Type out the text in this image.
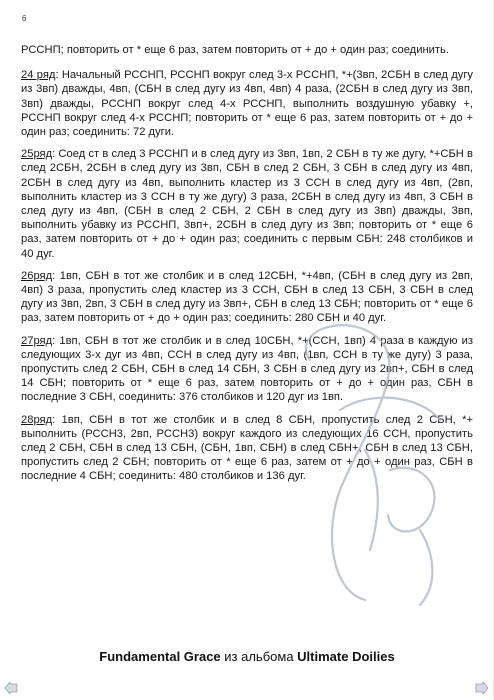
6

РССНП; повторить от * еще 6 раз, затем повторить от + до + один раз; соединить.

24 ряд: Начальный РССНП, РССНП вокруг след 3-х РССНП, *+(3вп, 2СБН в след дугу из 3вп) дважды, 4вп, (СБН в след дугу из 4вп, 4вп) 4 раза, (2СБН в след дугу из 3вп, 3вп) дважды, РССНП вокруг след 4-х РССНП, выполнить воздушную убавку +, РССНП вокруг след 4-х РССНП; повторить от * еще 6 раз, затем повторить от + до + один раз; соединить: 72 дуги.

25ряд: Соед ст в след 3 РССНП и в след дугу из 3вп, 1вп, 2 СБН в ту же дугу, *+СБН в след 2СБН, 2СБН в след дугу из 3вп, СБН в след 2 СБН, 3 СБН в след дугу из 4вп, 2СБН в след дугу из 4вп, выполнить кластер из 3 ССН в след дугу из 4вп, (2вп, выполнить кластер из 3 ССН в ту же дугу) 3 раза, 2СБН в след дугу из 4вп, 3 СБН в след дугу из 4вп, (СБН в след 2 СБН, 2 СБН в след дугу из 3вп) дважды, 3вп, выполнить убавку из РССНП, 3вп+, 2СБН в след дугу из 3вп; повторить от * еще 6 раз, затем повторить от + до + один раз; соединить с первым СБН: 248 столбиков и 40 дуг.

26ряд: 1вп, СБН в тот же столбик и в след 12СБН, *+4вп, (СБН в след дугу из 2вп, 4вп) 3 раза, пропустить след кластер из 3 ССН, СБН в след 13 СБН, 3 СБН в след дугу из 3вп, 2вп, 3 СБН в след дугу из 3вп+, СБН в след 13 СБН; повторить от * еще 6 раз, затем повторить от + до + один раз; соединить: 280 СБН и 40 дуг.

27ряд: 1вп, СБН в тот же столбик и в след 10СБН, *+(ССН, 1вп) 4 раза в каждую из следующих 3-х дуг из 4вп, ССН в след дугу из 4вп, (1вп, ССН в ту же дугу) 3 раза, пропустить след 2 СБН, СБН в след 14 СБН, 3 СБН в след дугу из 2вп+, СБН в след 14 СБН; повторить от * еще 6 раз, затем повторить от + до + один раз, СБН в последние 3 СБН, соединить: 376 столбиков и 120 дуг из 1вп.

28ряд: 1вп, СБН в тот же столбик и в след 8 СБН, пропустить след 2 СБН, *+ выполнить (РССН3, 2вп, РССН3) вокруг каждого из следующих 16 ССН, пропустить след 2 СБН, СБН в след 13 СБН, (СБН, 1вп, СБН) в след СБН+, СБН в след 13 СБН, пропустить след 2 СБН; повторить от * еще 6 раз, затем от + до + один раз, СБН в последние 4 СБН; соединить: 480 столбиков и 136 дуг.

Fundamental Grace из альбома Ultimate Doilies
